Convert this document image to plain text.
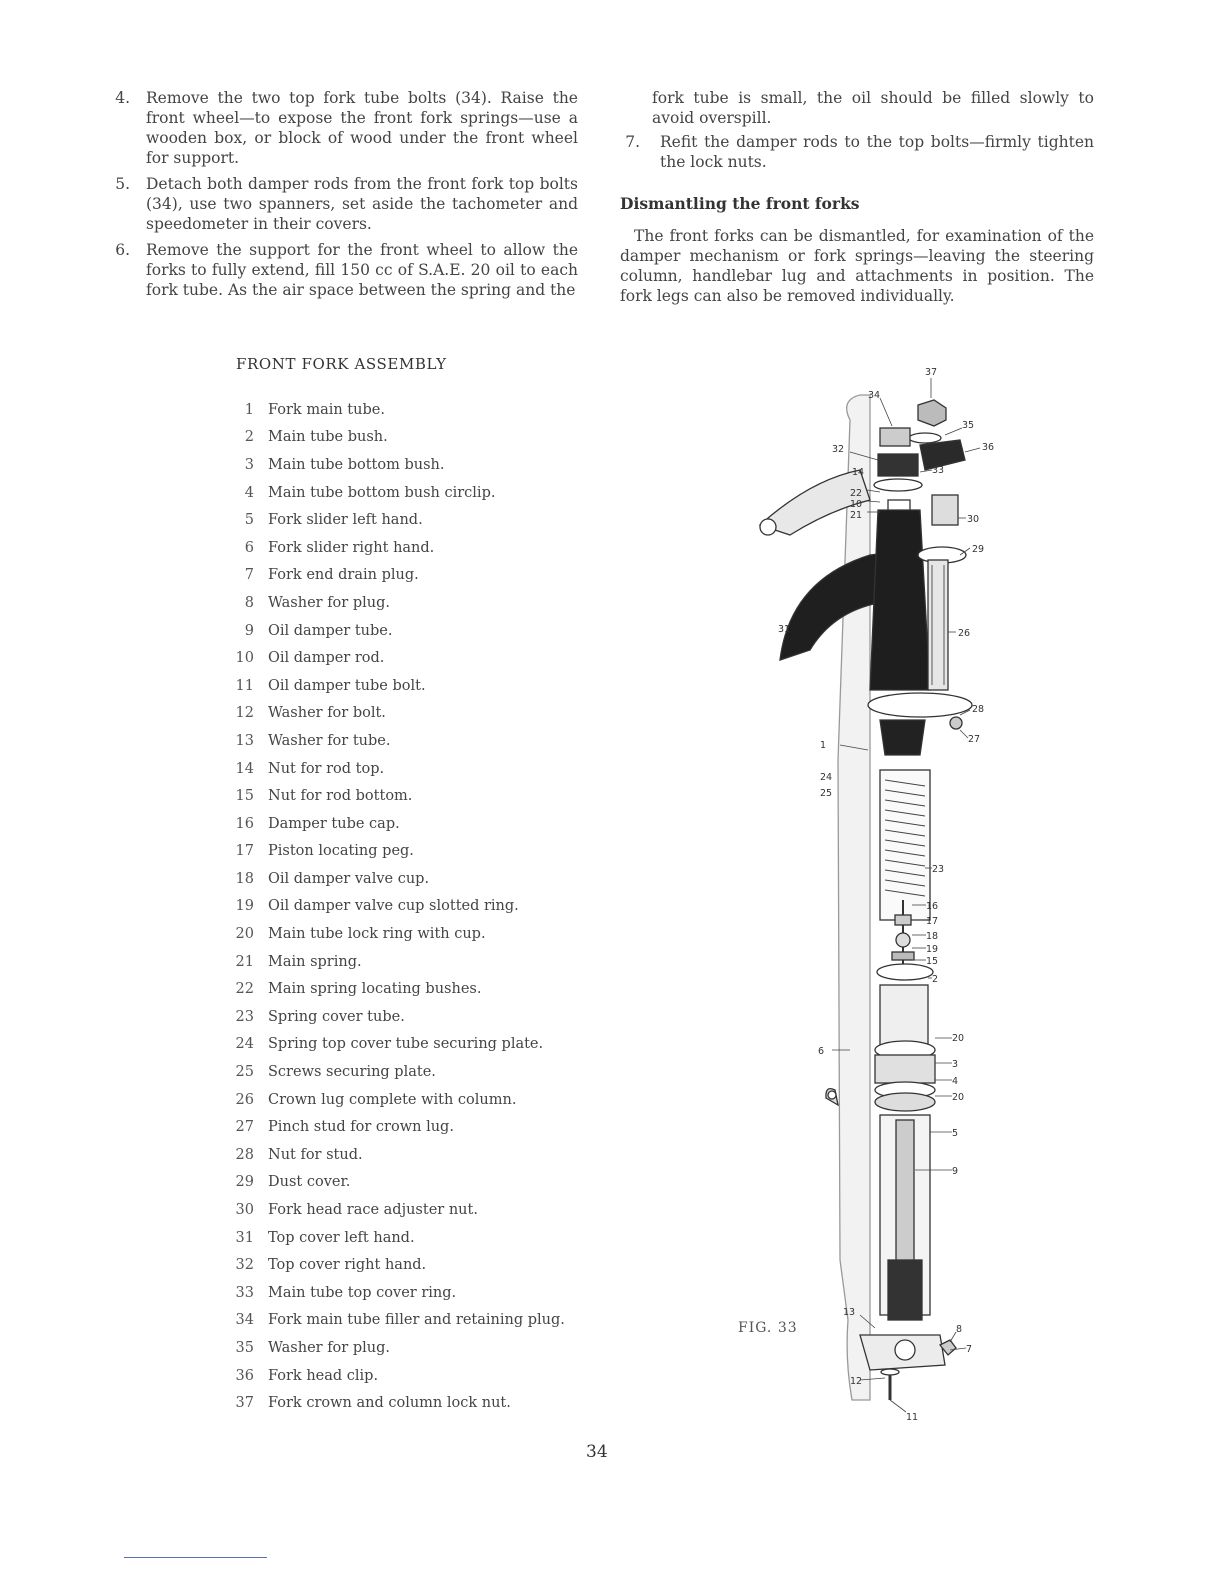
4. Remove the two top fork tube bolts (34). Raise the front wheel—to expose the front fork springs—use a wooden box, or block of wood under the front wheel for support.
5. Detach both damper rods from the front fork top bolts (34), use two spanners, set aside the tachometer and speedometer in their covers.
6. Remove the support for the front wheel to allow the forks to fully extend, fill 150 cc of S.A.E. 20 oil to each fork tube. As the air space between the spring and the
fork tube is small, the oil should be filled slowly to avoid overspill.
7. Refit the damper rods to the top bolts—firmly tighten the lock nuts.
Dismantling the front forks
The front forks can be dismantled, for examination of the damper mechanism or fork springs—leaving the steering column, handlebar lug and attachments in position. The fork legs can also be removed individually.
FRONT FORK ASSEMBLY
1 Fork main tube.
2 Main tube bush.
3 Main tube bottom bush.
4 Main tube bottom bush circlip.
5 Fork slider left hand.
6 Fork slider right hand.
7 Fork end drain plug.
8 Washer for plug.
9 Oil damper tube.
10 Oil damper rod.
11 Oil damper tube bolt.
12 Washer for bolt.
13 Washer for tube.
14 Nut for rod top.
15 Nut for rod bottom.
16 Damper tube cap.
17 Piston locating peg.
18 Oil damper valve cup.
19 Oil damper valve cup slotted ring.
20 Main tube lock ring with cup.
21 Main spring.
22 Main spring locating bushes.
23 Spring cover tube.
24 Spring top cover tube securing plate.
25 Screws securing plate.
26 Crown lug complete with column.
27 Pinch stud for crown lug.
28 Nut for stud.
29 Dust cover.
30 Fork head race adjuster nut.
31 Top cover left hand.
32 Top cover right hand.
33 Main tube top cover ring.
34 Fork main tube filler and retaining plug.
35 Washer for plug.
36 Fork head clip.
37 Fork crown and column lock nut.
37
34
35
36
32
33
14
22
10
21	30
29
31	26
28
27
1
24
25
23
16
17
18
19
15
2
6
20
3
4
20
5
9
13
8
7
12
11
FIG. 33
34
